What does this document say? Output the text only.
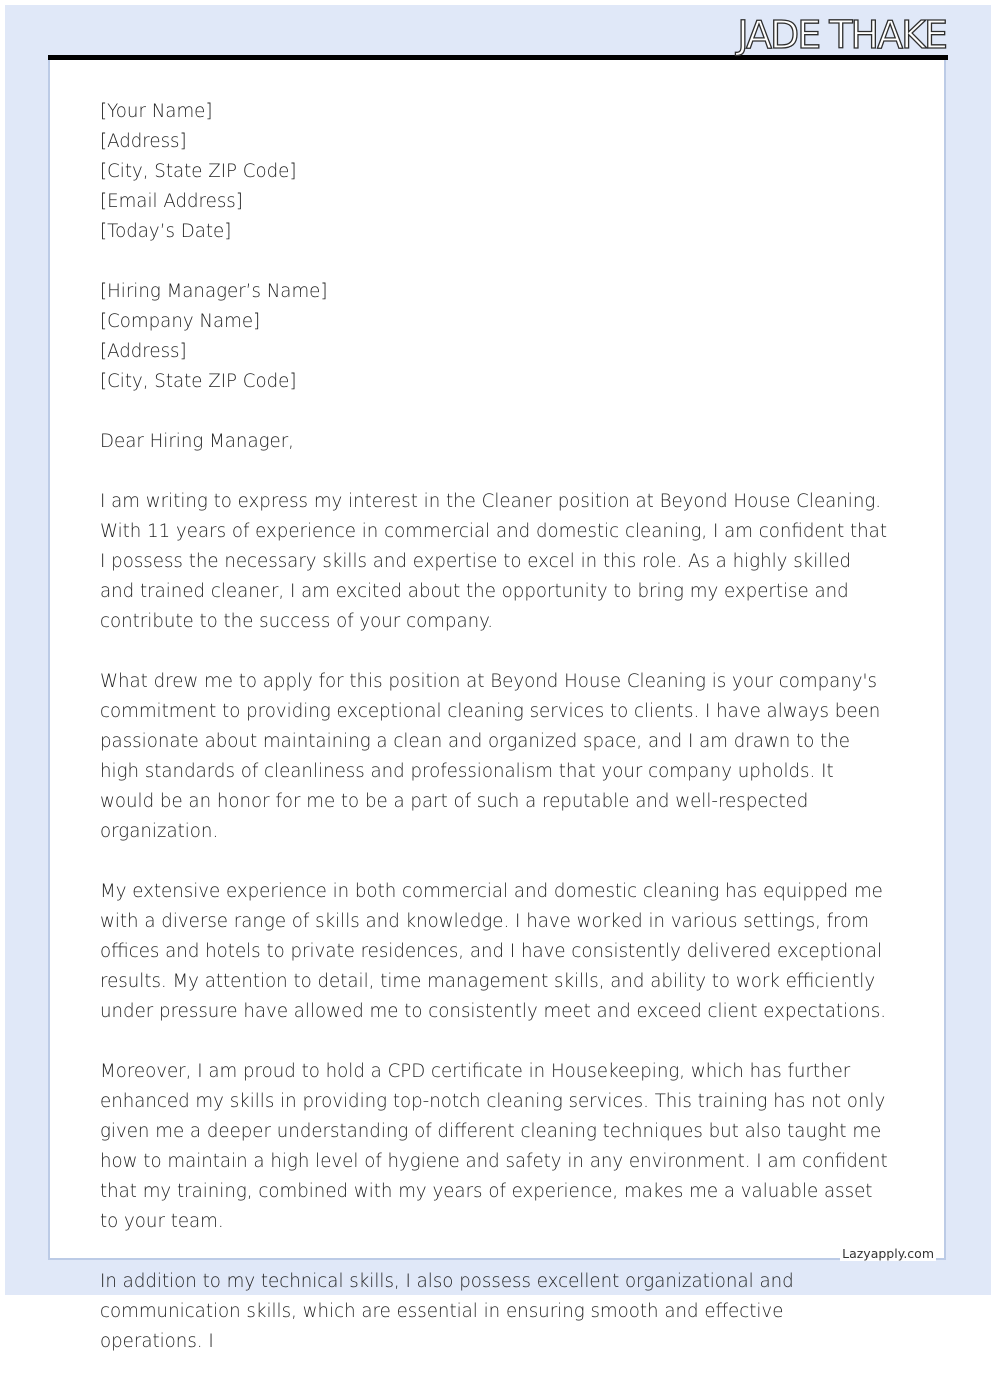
JADE THAKE
[Your Name]
[Address]
[City, State ZIP Code]
[Email Address]
[Today’s Date]
[Hiring Manager’s Name]
[Company Name]
[Address]
[City, State ZIP Code]

Dear Hiring Manager,

I am writing to express my interest in the Cleaner position at Beyond House Cleaning. With 11 years of experience in commercial and domestic cleaning, I am confident that I possess the necessary skills and expertise to excel in this role. As a highly skilled and trained cleaner, I am excited about the opportunity to bring my expertise and contribute to the success of your company.

What drew me to apply for this position at Beyond House Cleaning is your company's commitment to providing exceptional cleaning services to clients. I have always been passionate about maintaining a clean and organized space, and I am drawn to the high standards of cleanliness and professionalism that your company upholds. It would be an honor for me to be a part of such a reputable and well-respected organization.

My extensive experience in both commercial and domestic cleaning has equipped me with a diverse range of skills and knowledge. I have worked in various settings, from offices and hotels to private residences, and I have consistently delivered exceptional results. My attention to detail, time management skills, and ability to work efficiently under pressure have allowed me to consistently meet and exceed client expectations.

Moreover, I am proud to hold a CPD certificate in Housekeeping, which has further enhanced my skills in providing top-notch cleaning services. This training has not only given me a deeper understanding of different cleaning techniques but also taught me how to maintain a high level of hygiene and safety in any environment. I am confident that my training, combined with my years of experience, makes me a valuable asset to your team.

In addition to my technical skills, I also possess excellent organizational and communication skills, which are essential in ensuring smooth and effective operations. I

Lazyapply.com
